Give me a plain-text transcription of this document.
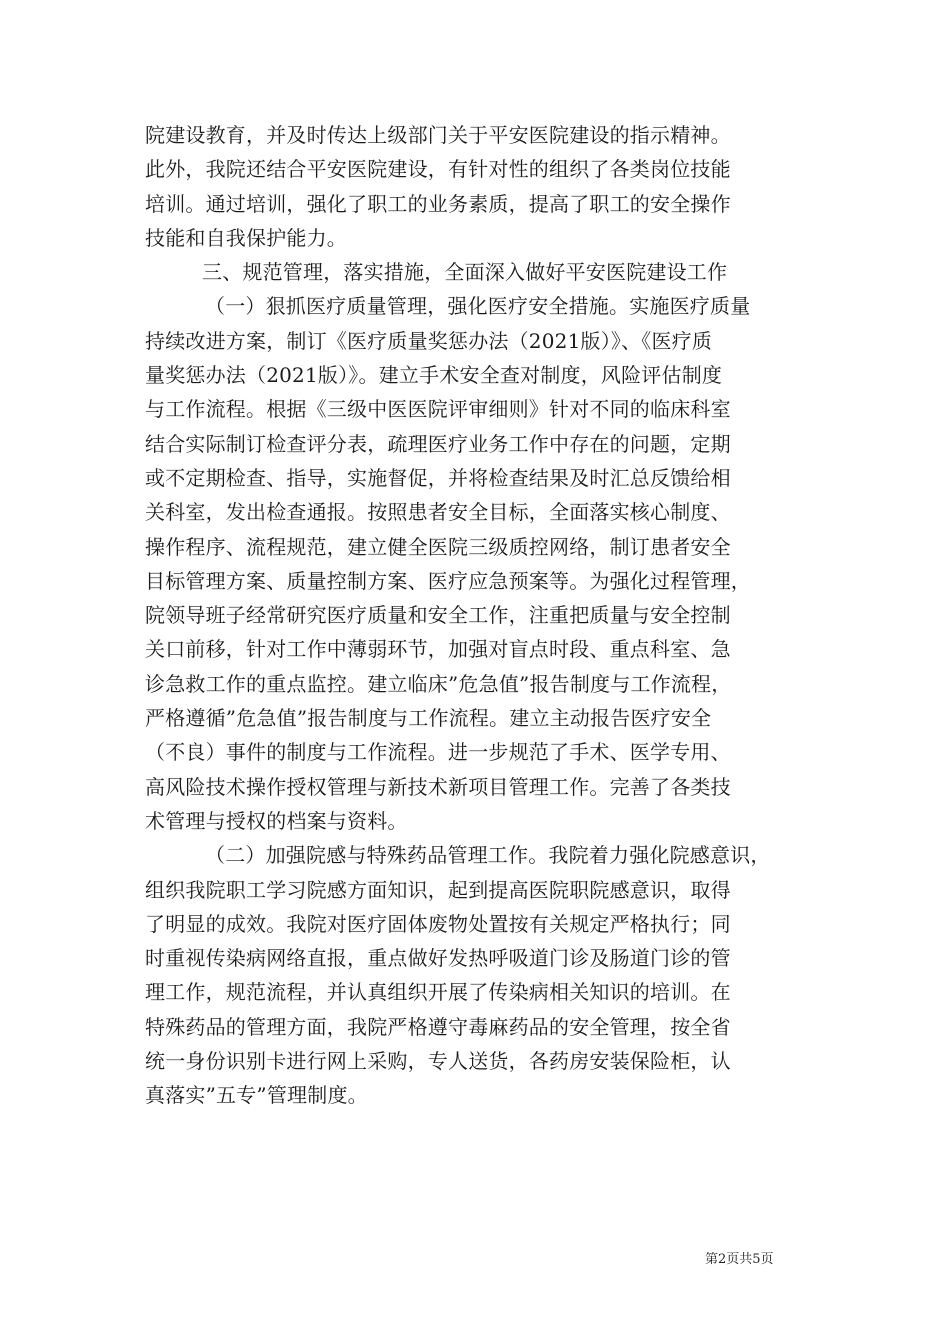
院建设教育，并及时传达上级部门关于平安医院建设的指示精神。
此外，我院还结合平安医院建设，有针对性的组织了各类岗位技能
培训。通过培训，强化了职工的业务素质，提高了职工的安全操作
技能和自我保护能力。
三、规范管理，落实措施，全面深入做好平安医院建设工作
（一）狠抓医疗质量管理，强化医疗安全措施。实施医疗质量
持续改进方案，制订《医疗质量奖惩办法（2021版）》、《医疗质
量奖惩办法（2021版）》。建立手术安全查对制度，风险评估制度
与工作流程。根据《三级中医医院评审细则》针对不同的临床科室
结合实际制订检查评分表，疏理医疗业务工作中存在的问题，定期
或不定期检查、指导，实施督促，并将检查结果及时汇总反馈给相
关科室，发出检查通报。按照患者安全目标，全面落实核心制度、
操作程序、流程规范，建立健全医院三级质控网络，制订患者安全
目标管理方案、质量控制方案、医疗应急预案等。为强化过程管理，
院领导班子经常研究医疗质量和安全工作，注重把质量与安全控制
关口前移，针对工作中薄弱环节，加强对盲点时段、重点科室、急
诊急救工作的重点监控。建立临床”危急值”报告制度与工作流程，
严格遵循”危急值”报告制度与工作流程。建立主动报告医疗安全
（不良）事件的制度与工作流程。进一步规范了手术、医学专用、
高风险技术操作授权管理与新技术新项目管理工作。完善了各类技
术管理与授权的档案与资料。
（二）加强院感与特殊药品管理工作。我院着力强化院感意识，
组织我院职工学习院感方面知识，起到提高医院职院感意识，取得
了明显的成效。我院对医疗固体废物处置按有关规定严格执行；同
时重视传染病网络直报，重点做好发热呼吸道门诊及肠道门诊的管
理工作，规范流程，并认真组织开展了传染病相关知识的培训。在
特殊药品的管理方面，我院严格遵守毒麻药品的安全管理，按全省
统一身份识别卡进行网上采购，专人送货，各药房安装保险柜，认
真落实”五专”管理制度。
第2页共5页
